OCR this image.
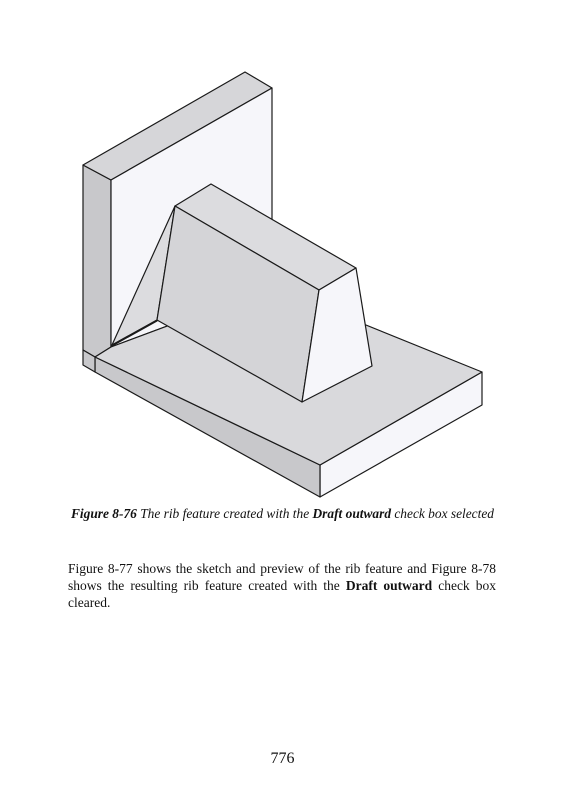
Figure 8-76 The rib feature created with the Draft outward check box selected
Figure 8-77 shows the sketch and preview of the rib feature and Figure 8-78 shows the resulting rib feature created with the Draft outward check box cleared.
776
